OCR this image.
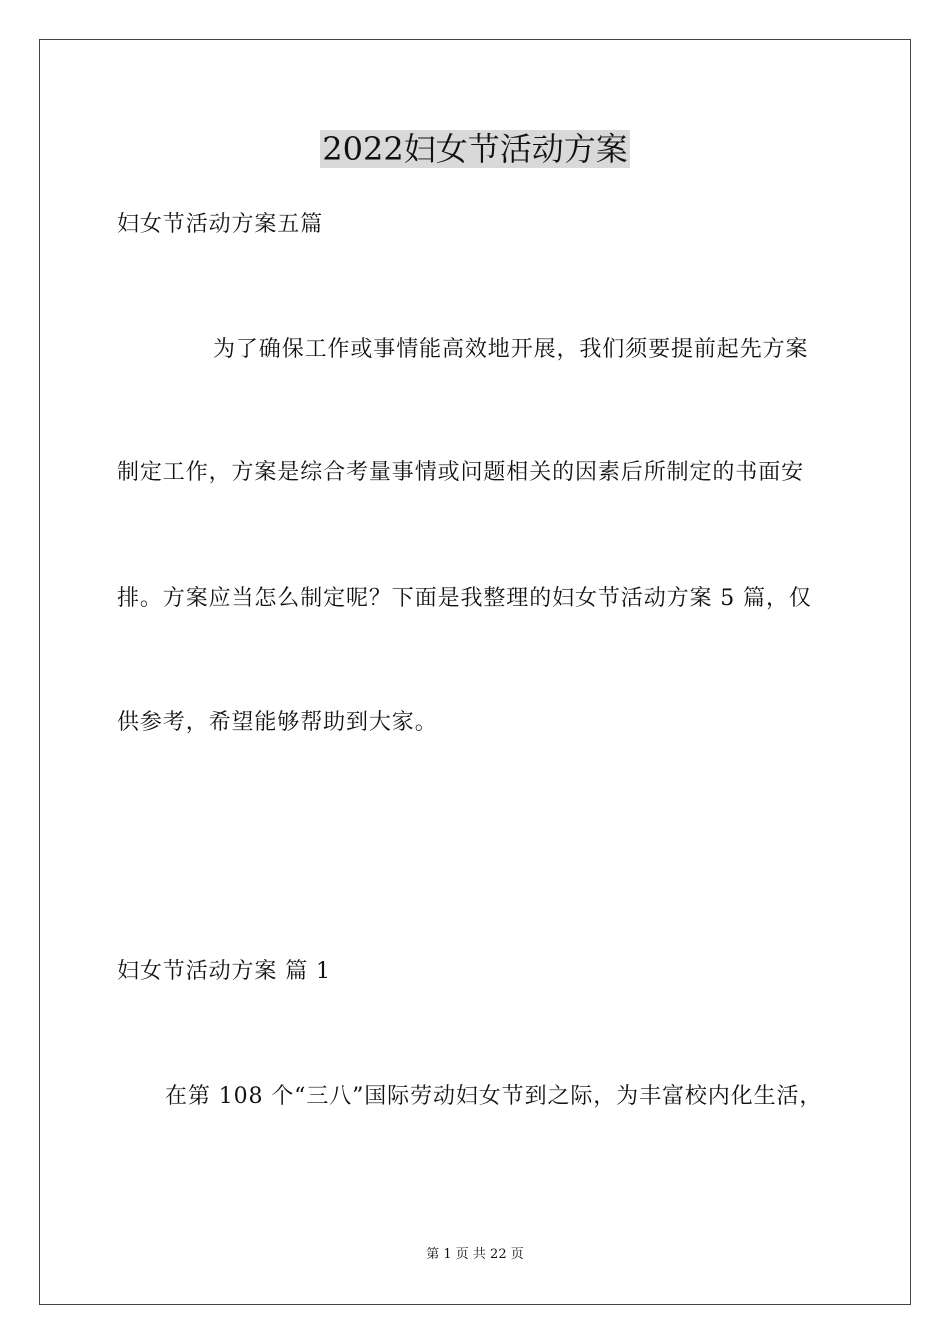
2022妇女节活动方案
妇女节活动方案五篇
为了确保工作或事情能高效地开展，我们须要提前起先方案
制定工作，方案是综合考量事情或问题相关的因素后所制定的书面安
排。方案应当怎么制定呢？下面是我整理的妇女节活动方案 5 篇，仅
供参考，希望能够帮助到大家。
妇女节活动方案 篇 1
在第 108 个“三八”国际劳动妇女节到之际，为丰富校内化生活，
第 1 页 共 22 页
